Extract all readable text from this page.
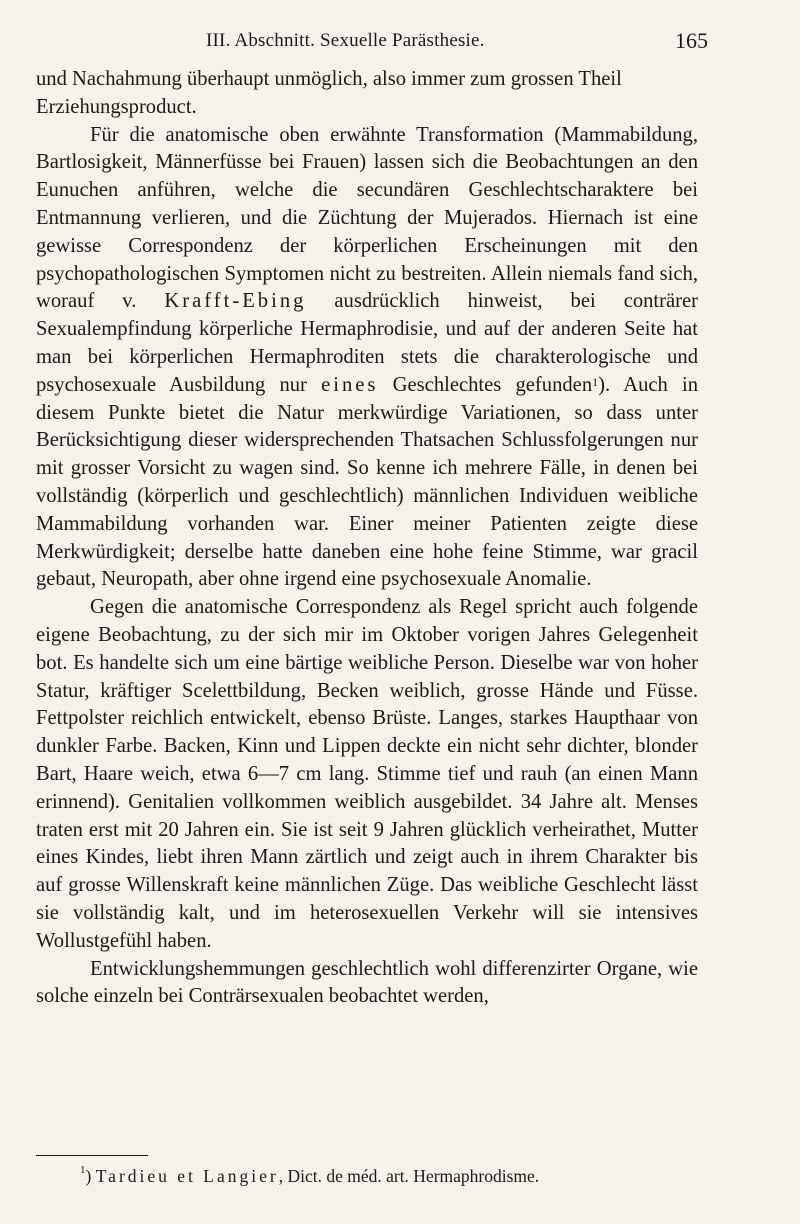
III. Abschnitt. Sexuelle Parästhesie.	165

und Nachahmung überhaupt unmöglich, also immer zum grossen Theil Erziehungsproduct.

Für die anatomische oben erwähnte Transformation (Mammabildung, Bartlosigkeit, Männerfüsse bei Frauen) lassen sich die Beobachtungen an den Eunuchen anführen, welche die secundären Geschlechtscharaktere bei Entmannung verlieren, und die Züchtung der Mujerados. Hiernach ist eine gewisse Correspondenz der körperlichen Erscheinungen mit den psychopathologischen Symptomen nicht zu bestreiten. Allein niemals fand sich, worauf v. Krafft-Ebing ausdrücklich hinweist, bei conträrer Sexualempfindung körperliche Hermaphrodisie, und auf der anderen Seite hat man bei körperlichen Hermaphroditen stets die charakterologische und psychosexuale Ausbildung nur eines Geschlechtes gefunden$^1$). Auch in diesem Punkte bietet die Natur merkwürdige Variationen, so dass unter Berücksichtigung dieser widersprechenden Thatsachen Schlussfolgerungen nur mit grosser Vorsicht zu wagen sind. So kenne ich mehrere Fälle, in denen bei vollständig (körperlich und geschlechtlich) männlichen Individuen weibliche Mammabildung vorhanden war. Einer meiner Patienten zeigte diese Merkwürdigkeit; derselbe hatte daneben eine hohe feine Stimme, war gracil gebaut, Neuropath, aber ohne irgend eine psychosexuale Anomalie.

Gegen die anatomische Correspondenz als Regel spricht auch folgende eigene Beobachtung, zu der sich mir im Oktober vorigen Jahres Gelegenheit bot. Es handelte sich um eine bärtige weibliche Person. Dieselbe war von hoher Statur, kräftiger Scelettbildung, Becken weiblich, grosse Hände und Füsse. Fettpolster reichlich entwickelt, ebenso Brüste. Langes, starkes Haupthaar von dunkler Farbe. Backen, Kinn und Lippen deckte ein nicht sehr dichter, blonder Bart, Haare weich, etwa 6—7 cm lang. Stimme tief und rauh (an einen Mann erinnend). Genitalien vollkommen weiblich ausgebildet. 34 Jahre alt. Menses traten erst mit 20 Jahren ein. Sie ist seit 9 Jahren glücklich verheirathet, Mutter eines Kindes, liebt ihren Mann zärtlich und zeigt auch in ihrem Charakter bis auf grosse Willenskraft keine männlichen Züge. Das weibliche Geschlecht lässt sie vollständig kalt, und im heterosexuellen Verkehr will sie intensives Wollustgefühl haben.

Entwicklungshemmungen geschlechtlich wohl differenzirter Organe, wie solche einzeln bei Conträrsexualen beobachtet werden,

$^1$) Tardieu et Langier, Dict. de méd. art. Hermaphrodisme.
